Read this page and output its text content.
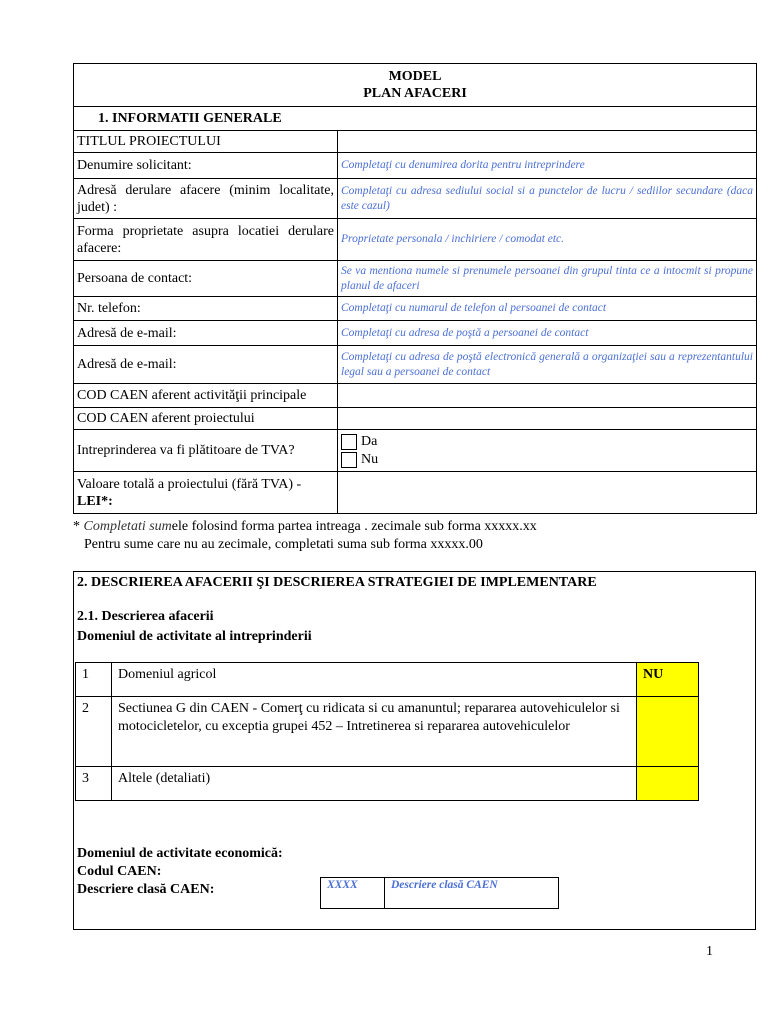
MODEL
PLAN AFACERI	

1. INFORMATII GENERALE	
TITLUL PROIECTULUI	
Denumire solicitant:	Completaţi cu denumirea dorita pentru intreprindere
Adresă derulare afacere (minim localitate, judet) :	Completaţi cu adresa sediului social si a punctelor de lucru / sediilor secundare (daca este cazul)
Forma proprietate asupra locatiei derulare afacere:	Proprietate personala / inchiriere / comodat etc.
Persoana de contact:	Se va mentiona numele si prenumele persoanei din grupul tinta ce a intocmit si propune planul de afaceri
Nr. telefon:	Completaţi cu numarul de telefon al persoanei de contact
Adresă de e-mail:	Completaţi cu adresa de poştă a persoanei de contact
Adresă de e-mail:	Completaţi cu adresa de poştă electronică generală a organizaţiei sau a reprezentantului legal sau a persoanei de contact
COD CAEN aferent activităţii principale	
COD CAEN aferent proiectului	
Intreprinderea va fi plătitoare de TVA?	Da
Nu

Valoare totală a proiectului (fără TVA) -
LEI*:	
* Completati sumele folosind forma partea intreaga . zecimale sub forma xxxxx.xx
Pentru sume care nu au zecimale, completati suma sub forma xxxxx.00
2. DESCRIEREA AFACERII ŞI DESCRIEREA STRATEGIEI DE IMPLEMENTARE
2.1. Descrierea afacerii
Domeniul de activitate al intreprinderii
1	Domeniul agricol	NU
2	Sectiunea G din CAEN - Comerţ cu ridicata si cu amanuntul; repararea autovehiculelor si motocicletelor, cu exceptia grupei 452 – Intretinerea si repararea autovehiculelor	
3	Altele (detaliati)	
Domeniul de activitate economică:
Codul CAEN:
Descriere clasă CAEN:	XXXX	Descriere clasă CAEN
1
